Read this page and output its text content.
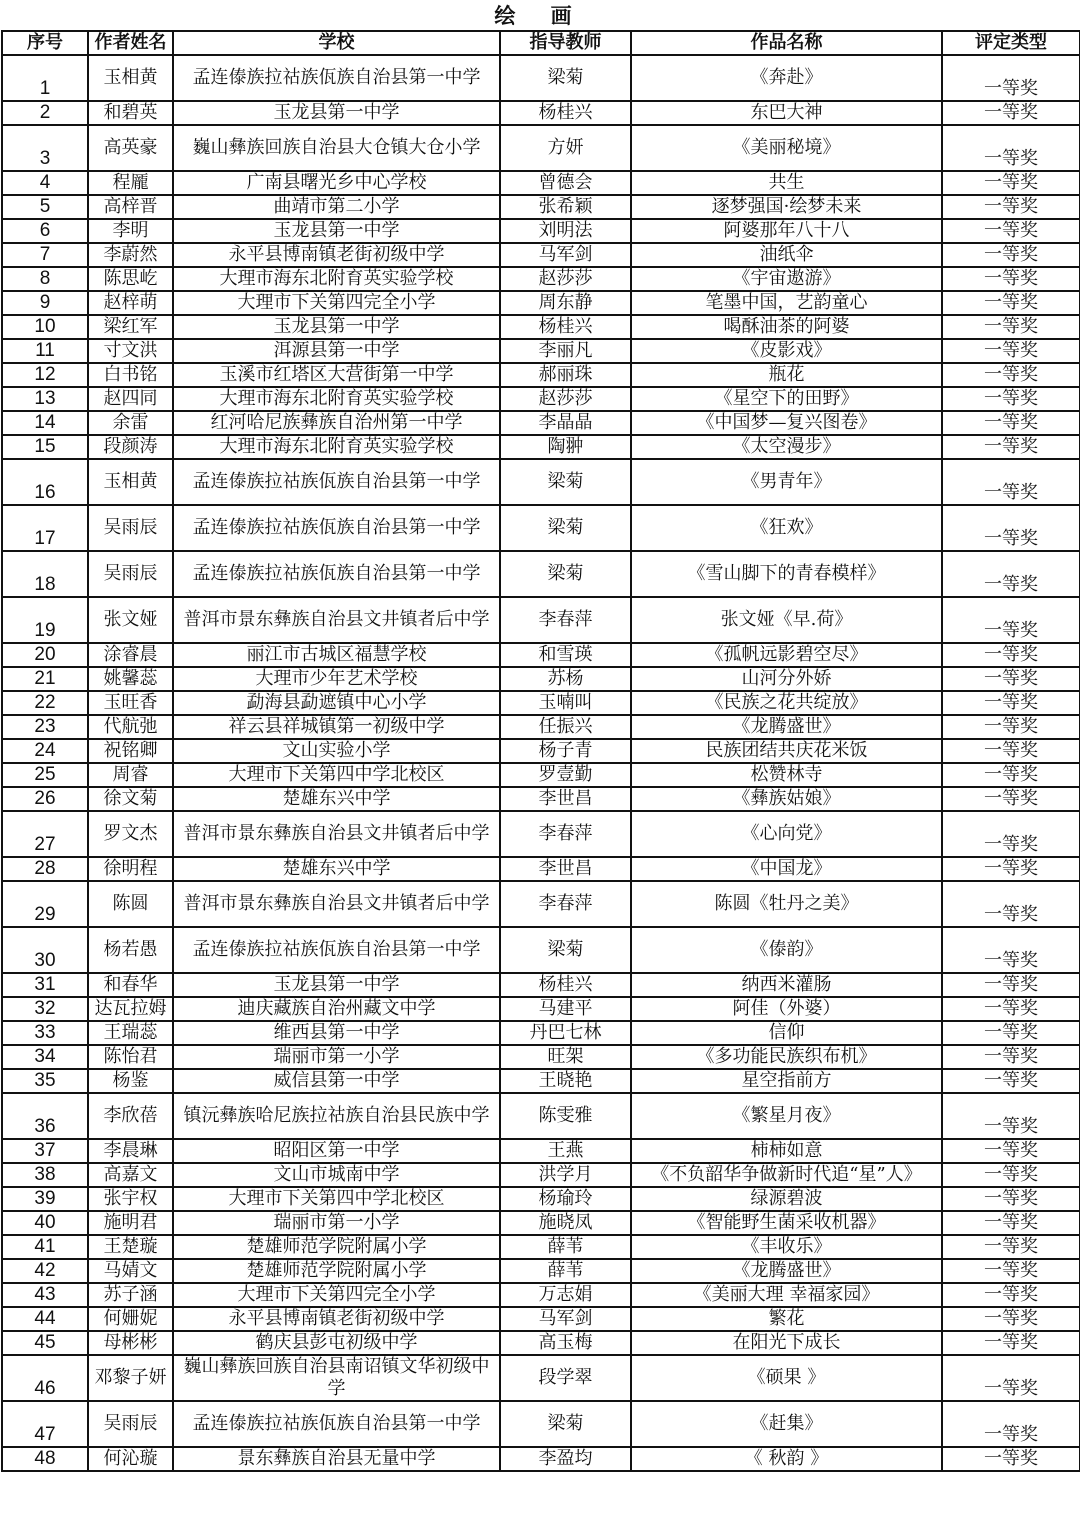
绘 画
序号	作者姓名	学校	指导教师	作品名称	评定类型
1	玉相黄	孟连傣族拉祜族佤族自治县第一中学	梁菊	《奔赴》	一等奖
2	和碧英	玉龙县第一中学	杨桂兴	东巴大神	一等奖
3	高英豪	巍山彝族回族自治县大仓镇大仓小学	方妍	《美丽秘境》	一等奖
4	程龎	广南县曙光乡中心学校	曾德会	共生	一等奖
5	高梓晋	曲靖市第二小学	张希颖	逐梦强国·绘梦未来	一等奖
6	李明	玉龙县第一中学	刘明法	阿婆那年八十八	一等奖
7	李蔚然	永平县博南镇老街初级中学	马军剑	油纸伞	一等奖
8	陈思屹	大理市海东北附育英实验学校	赵莎莎	《宇宙遨游》	一等奖
9	赵梓萌	大理市下关第四完全小学	周东静	笔墨中国，艺韵童心	一等奖
10	梁红军	玉龙县第一中学	杨桂兴	喝酥油茶的阿婆	一等奖
11	寸文洪	洱源县第一中学	李丽凡	《皮影戏》	一等奖
12	白书铭	玉溪市红塔区大营街第一中学	郝丽珠	瓶花	一等奖
13	赵四同	大理市海东北附育英实验学校	赵莎莎	《星空下的田野》	一等奖
14	余雷	红河哈尼族彝族自治州第一中学	李晶晶	《中国梦—复兴图卷》	一等奖
15	段颜涛	大理市海东北附育英实验学校	陶翀	《太空漫步》	一等奖
16	玉相黄	孟连傣族拉祜族佤族自治县第一中学	梁菊	《男青年》	一等奖
17	吴雨辰	孟连傣族拉祜族佤族自治县第一中学	梁菊	《狂欢》	一等奖
18	吴雨辰	孟连傣族拉祜族佤族自治县第一中学	梁菊	《雪山脚下的青春模样》	一等奖
19	张文娅	普洱市景东彝族自治县文井镇者后中学	李春萍	张文娅《早.荷》	一等奖
20	涂睿晨	丽江市古城区福慧学校	和雪瑛	《孤帆远影碧空尽》	一等奖
21	姚馨蕊	大理市少年艺术学校	苏杨	山河分外娇	一等奖
22	玉旺香	勐海县勐遮镇中心小学	玉喃叫	《民族之花共绽放》	一等奖
23	代航弛	祥云县祥城镇第一初级中学	任振兴	《龙腾盛世》	一等奖
24	祝铭卿	文山实验小学	杨子青	民族团结共庆花米饭	一等奖
25	周睿	大理市下关第四中学北校区	罗壹勤	松赞林寺	一等奖
26	徐文菊	楚雄东兴中学	李世昌	《彝族姑娘》	一等奖
27	罗文杰	普洱市景东彝族自治县文井镇者后中学	李春萍	《心向党》	一等奖
28	徐明程	楚雄东兴中学	李世昌	《中国龙》	一等奖
29	陈圆	普洱市景东彝族自治县文井镇者后中学	李春萍	陈圆《牡丹之美》	一等奖
30	杨若愚	孟连傣族拉祜族佤族自治县第一中学	梁菊	《傣韵》	一等奖
31	和春华	玉龙县第一中学	杨桂兴	纳西米灌肠	一等奖
32	达瓦拉姆	迪庆藏族自治州藏文中学	马建平	阿佳（外婆）	一等奖
33	王瑞蕊	维西县第一中学	丹巴七林	信仰	一等奖
34	陈怡君	瑞丽市第一小学	旺架	《多功能民族织布机》	一等奖
35	杨鉴	威信县第一中学	王晓艳	星空指前方	一等奖
36	李欣蓓	镇沅彝族哈尼族拉祜族自治县民族中学	陈雯雅	《繁星月夜》	一等奖
37	李晨琳	昭阳区第一中学	王燕	柿柿如意	一等奖
38	高嘉文	文山市城南中学	洪学月	《不负韶华争做新时代追“星”人》	一等奖
39	张宇权	大理市下关第四中学北校区	杨瑜玲	绿源碧波	一等奖
40	施明君	瑞丽市第一小学	施晓凤	《智能野生菌采收机器》	一等奖
41	王楚璇	楚雄师范学院附属小学	薛苇	《丰收乐》	一等奖
42	马婧文	楚雄师范学院附属小学	薛苇	《龙腾盛世》	一等奖
43	苏子涵	大理市下关第四完全小学	万志娟	《美丽大理 幸福家园》	一等奖
44	何姗妮	永平县博南镇老街初级中学	马军剑	繁花	一等奖
45	母彬彬	鹤庆县彭屯初级中学	高玉梅	在阳光下成长	一等奖
46	邓黎子妍	巍山彝族回族自治县南诏镇文华初级中学	段学翠	《硕果 》	一等奖
47	吴雨辰	孟连傣族拉祜族佤族自治县第一中学	梁菊	《赶集》	一等奖
48	何沁璇	景东彝族自治县无量中学	李盈均	《 秋韵 》	一等奖
